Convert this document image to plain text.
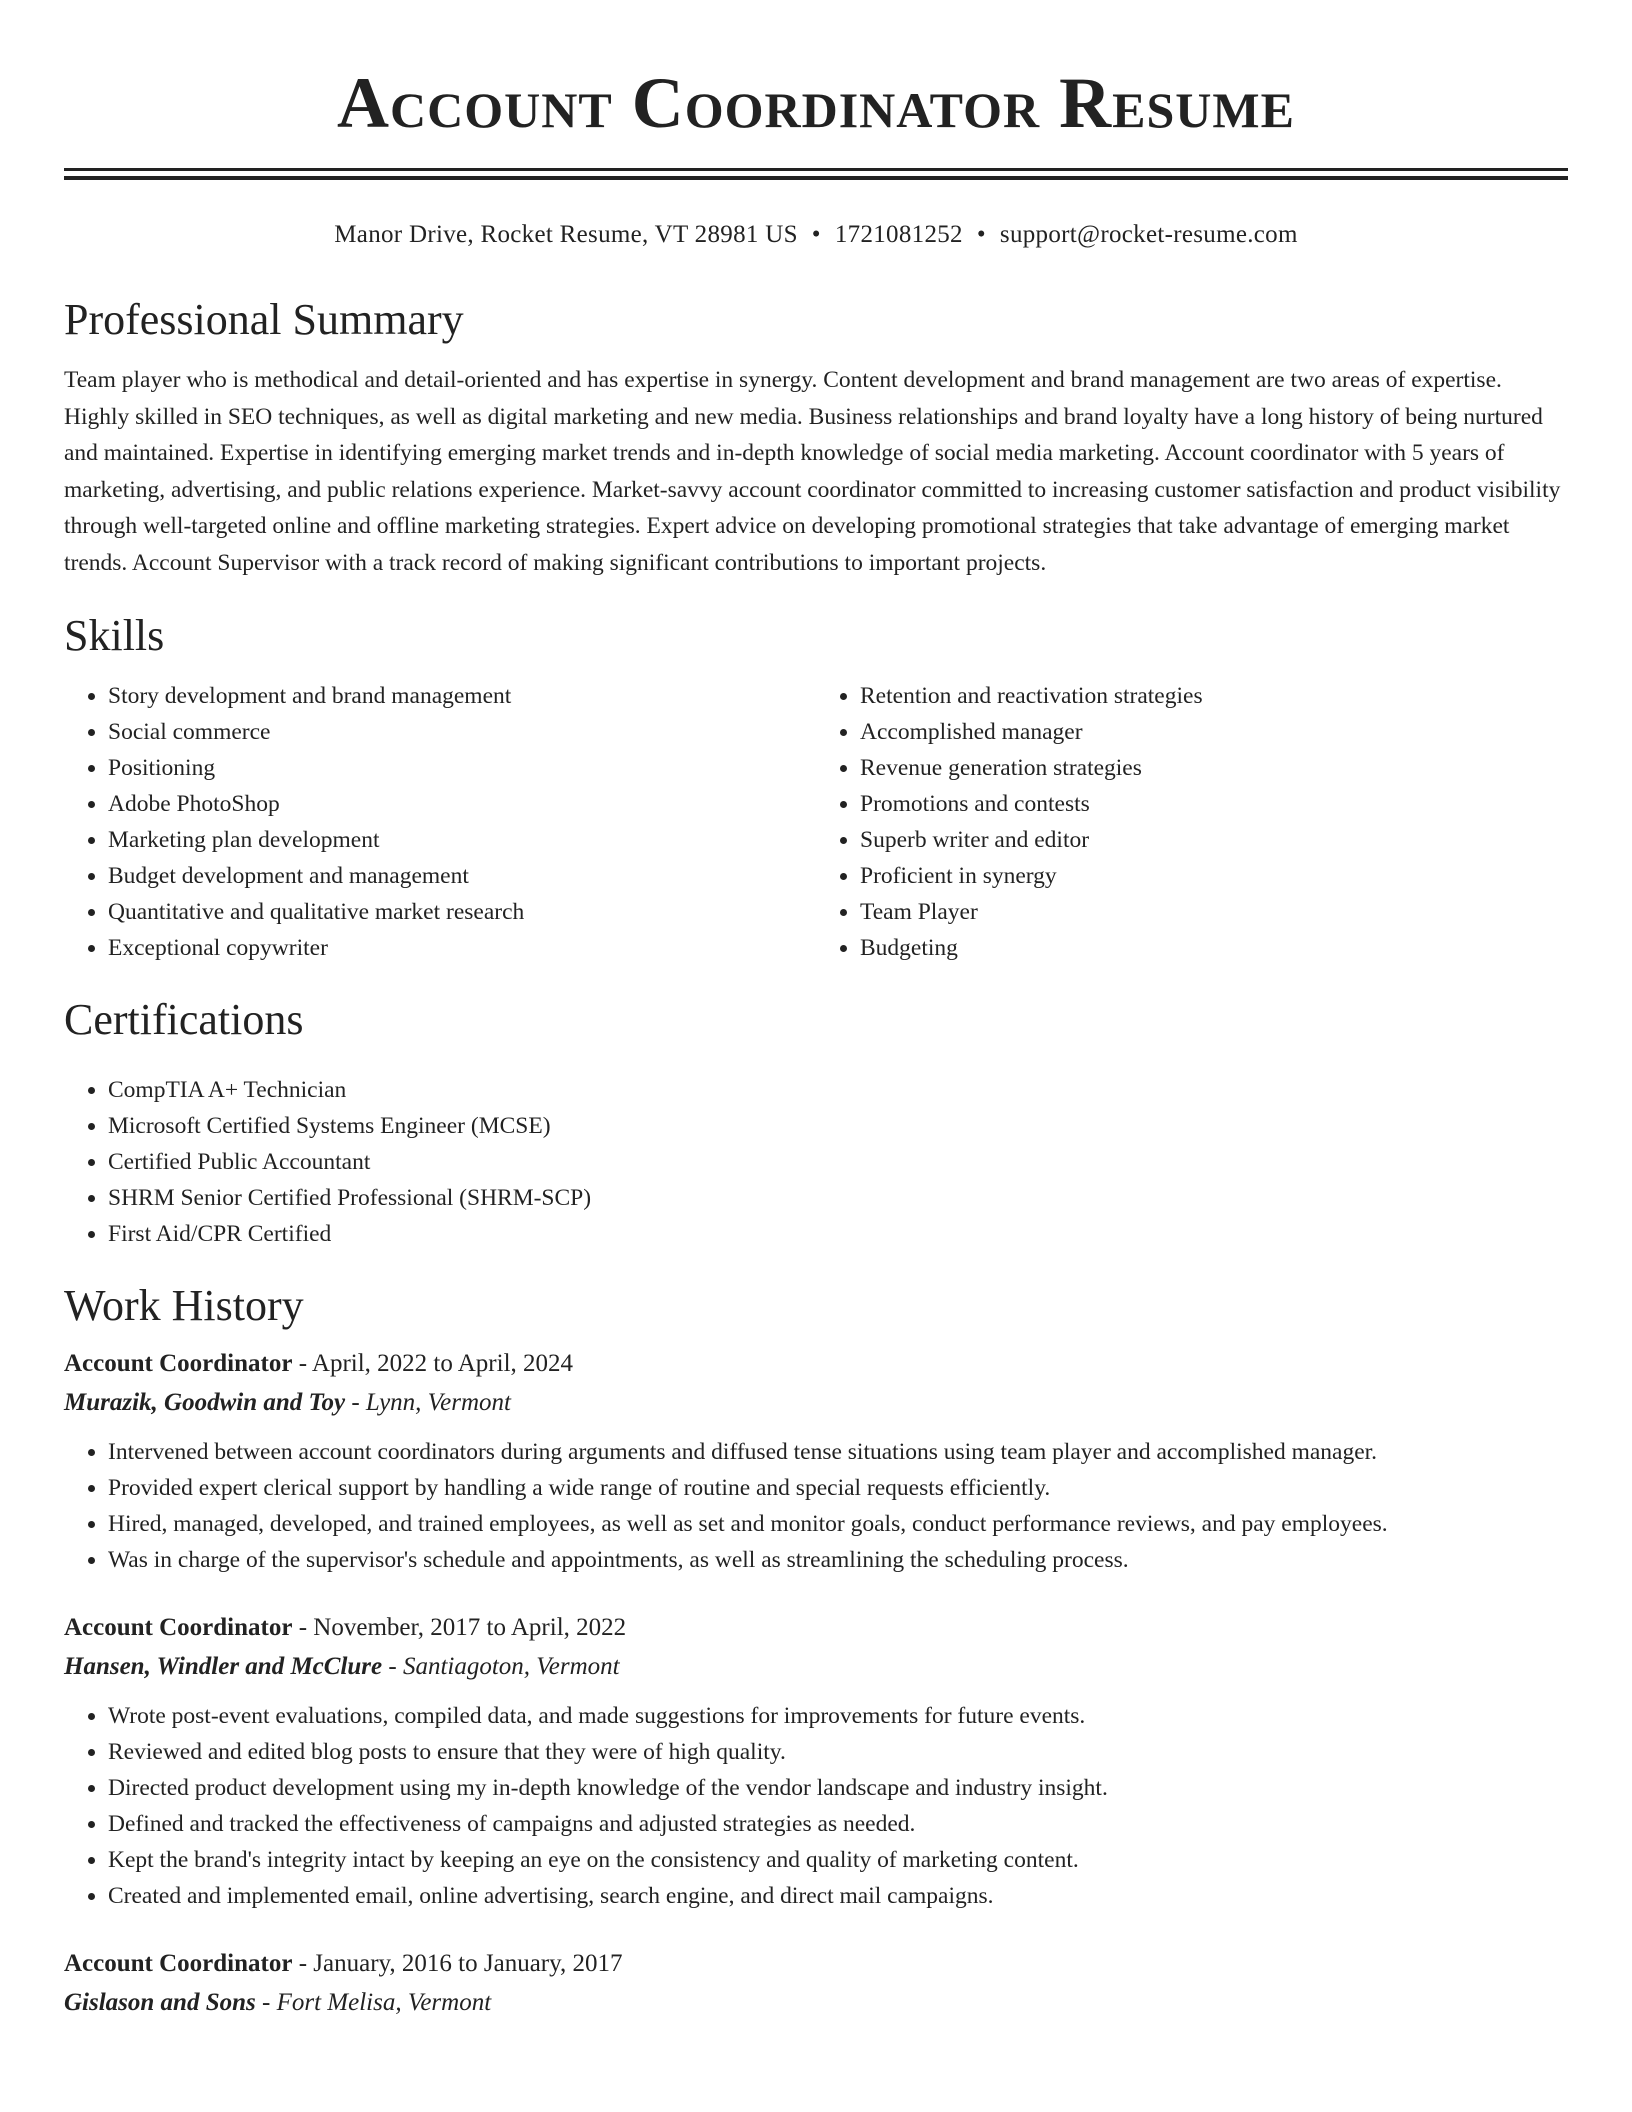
Account Coordinator Resume
Manor Drive, Rocket Resume, VT 28981 US • 1721081252 • support@rocket-resume.com
Professional Summary

Team player who is methodical and detail-oriented and has expertise in synergy. Content development and brand management are two areas of expertise. Highly skilled in SEO techniques, as well as digital marketing and new media. Business relationships and brand loyalty have a long history of being nurtured and maintained. Expertise in identifying emerging market trends and in-depth knowledge of social media marketing. Account coordinator with 5 years of marketing, advertising, and public relations experience. Market-savvy account coordinator committed to increasing customer satisfaction and product visibility through well-targeted online and offline marketing strategies. Expert advice on developing promotional strategies that take advantage of emerging market trends. Account Supervisor with a track record of making significant contributions to important projects.

Skills
• Story development and brand management
• Social commerce
• Positioning
• Adobe PhotoShop
• Marketing plan development
• Budget development and management
• Quantitative and qualitative market research
• Exceptional copywriter
• Retention and reactivation strategies
• Accomplished manager
• Revenue generation strategies
• Promotions and contests
• Superb writer and editor
• Proficient in synergy
• Team Player
• Budgeting
Certifications
• CompTIA A+ Technician
• Microsoft Certified Systems Engineer (MCSE)
• Certified Public Accountant
• SHRM Senior Certified Professional (SHRM-SCP)
• First Aid/CPR Certified
Work History
Account Coordinator - April, 2022 to April, 2024
Murazik, Goodwin and Toy - Lynn, Vermont
• Intervened between account coordinators during arguments and diffused tense situations using team player and accomplished manager.
• Provided expert clerical support by handling a wide range of routine and special requests efficiently.
• Hired, managed, developed, and trained employees, as well as set and monitor goals, conduct performance reviews, and pay employees.
• Was in charge of the supervisor's schedule and appointments, as well as streamlining the scheduling process.
Account Coordinator - November, 2017 to April, 2022
Hansen, Windler and McClure - Santiagoton, Vermont
• Wrote post-event evaluations, compiled data, and made suggestions for improvements for future events.
• Reviewed and edited blog posts to ensure that they were of high quality.
• Directed product development using my in-depth knowledge of the vendor landscape and industry insight.
• Defined and tracked the effectiveness of campaigns and adjusted strategies as needed.
• Kept the brand's integrity intact by keeping an eye on the consistency and quality of marketing content.
• Created and implemented email, online advertising, search engine, and direct mail campaigns.
Account Coordinator - January, 2016 to January, 2017
Gislason and Sons - Fort Melisa, Vermont
